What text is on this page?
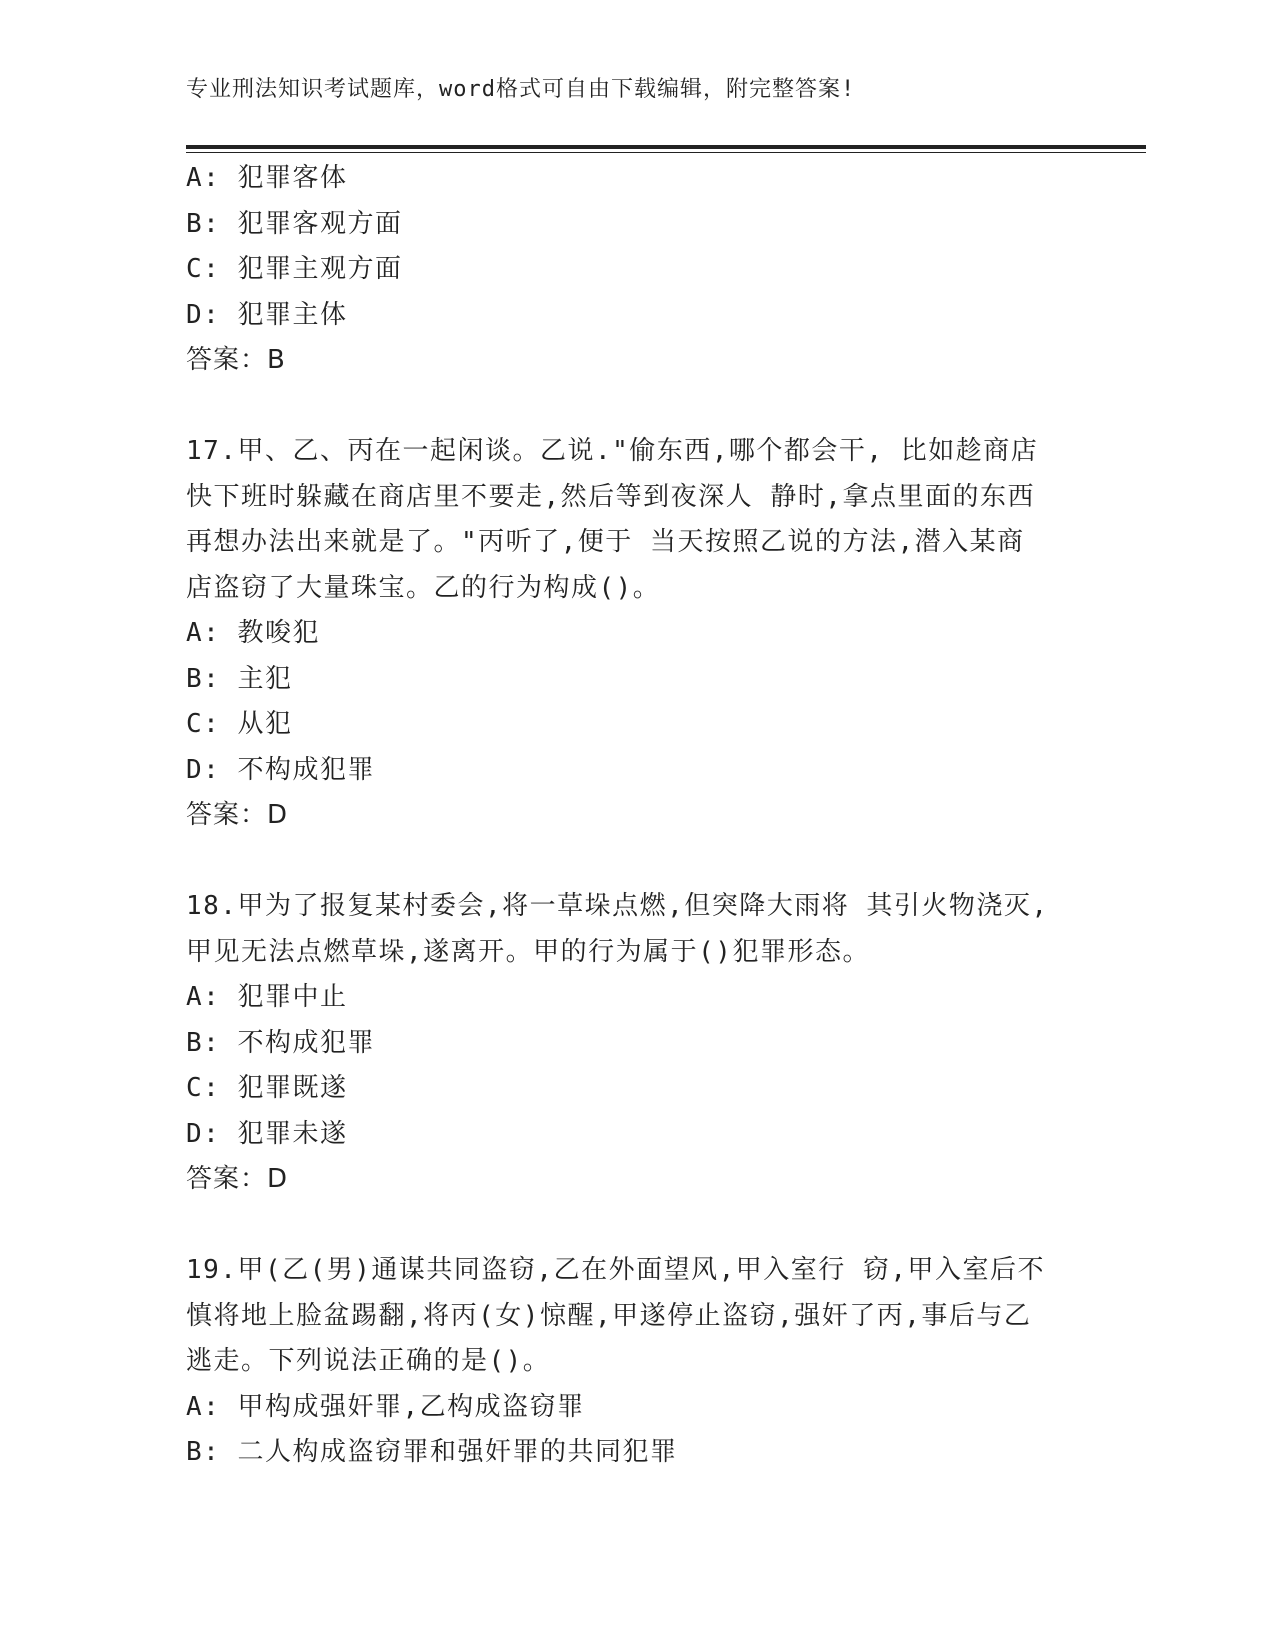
专业刑法知识考试题库，word格式可自由下载编辑，附完整答案!
A: 犯罪客体
B: 犯罪客观方面
C: 犯罪主观方面
D: 犯罪主体
答案：B
17.甲、乙、丙在一起闲谈。乙说."偷东西,哪个都会干, 比如趁商店
快下班时躲藏在商店里不要走,然后等到夜深人 静时,拿点里面的东西
再想办法出来就是了。"丙听了,便于 当天按照乙说的方法,潜入某商
店盗窃了大量珠宝。乙的行为构成()。
A: 教唆犯
B: 主犯
C: 从犯
D: 不构成犯罪
答案：D
18.甲为了报复某村委会,将一草垛点燃,但突降大雨将 其引火物浇灭,
甲见无法点燃草垛,遂离开。甲的行为属于()犯罪形态。
A: 犯罪中止
B: 不构成犯罪
C: 犯罪既遂
D: 犯罪未遂
答案：D
19.甲(乙(男)通谋共同盗窃,乙在外面望风,甲入室行 窃,甲入室后不
慎将地上脸盆踢翻,将丙(女)惊醒,甲遂停止盗窃,强奸了丙,事后与乙
逃走。下列说法正确的是()。
A: 甲构成强奸罪,乙构成盗窃罪
B: 二人构成盗窃罪和强奸罪的共同犯罪
